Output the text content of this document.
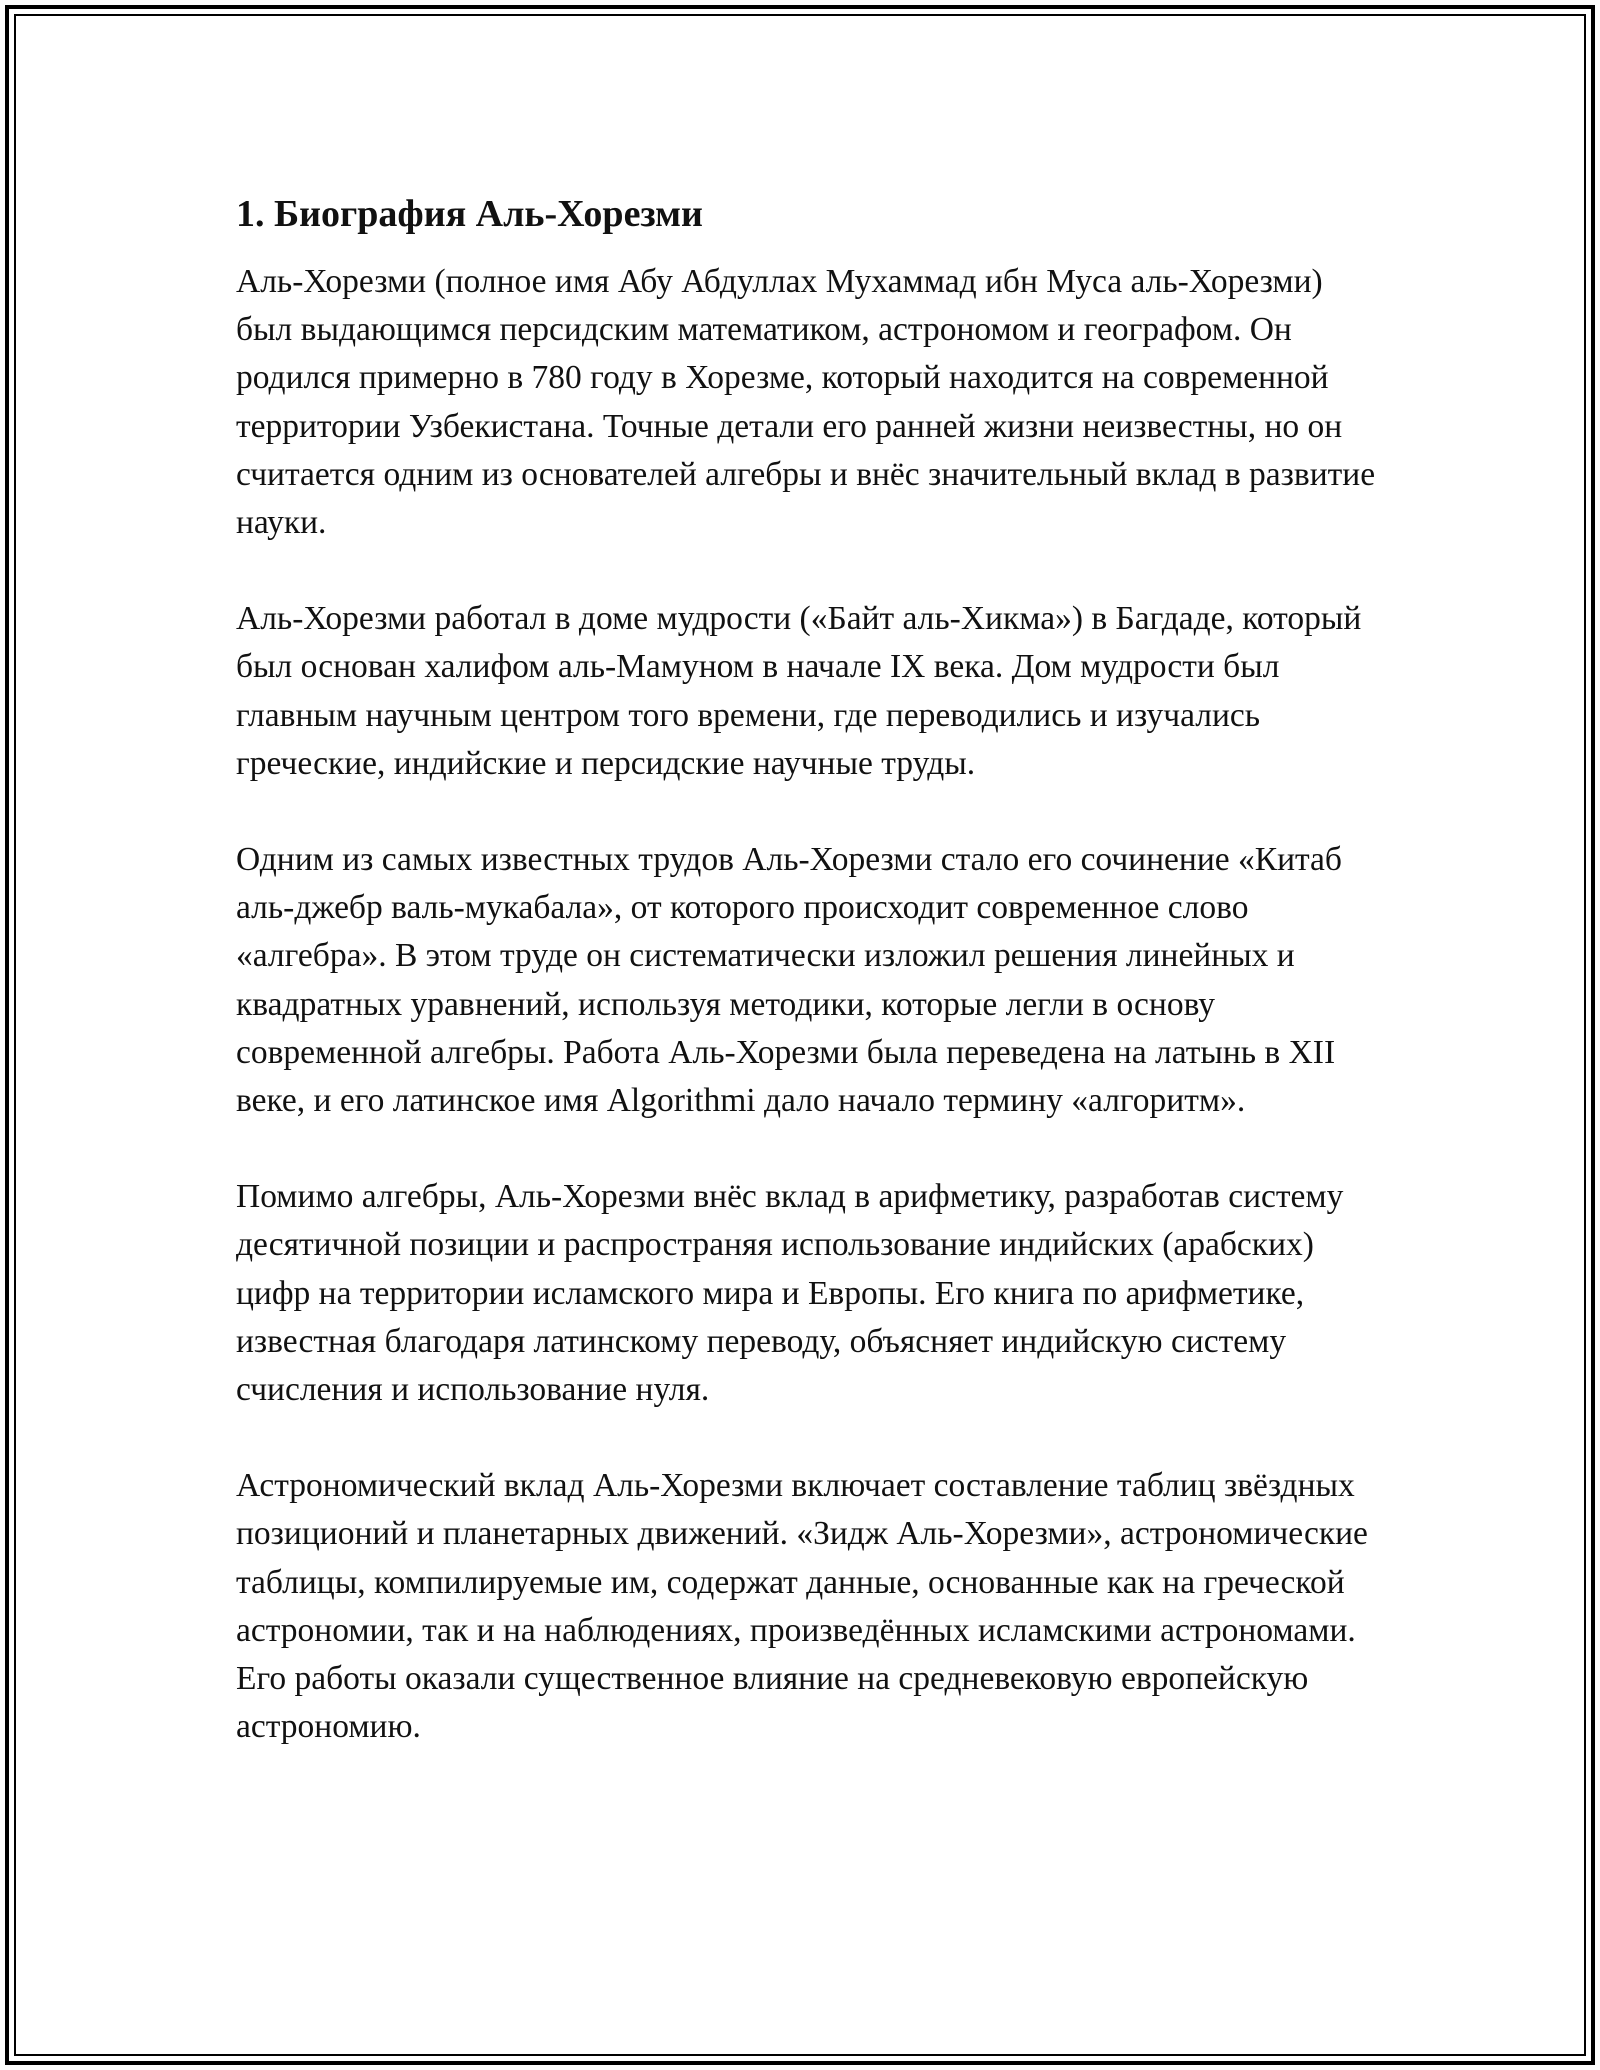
1. Биография Аль-Хорезми

Аль-Хорезми (полное имя Абу Абдуллах Мухаммад ибн Муса аль-Хорезми) был выдающимся персидским математиком, астрономом и географом. Он родился примерно в 780 году в Хорезме, который находится на современной территории Узбекистана. Точные детали его ранней жизни неизвестны, но он считается одним из основателей алгебры и внёс значительный вклад в развитие науки.

Аль-Хорезми работал в доме мудрости («Байт аль-Хикма») в Багдаде, который был основан халифом аль-Мамуном в начале IX века. Дом мудрости был главным научным центром того времени, где переводились и изучались греческие, индийские и персидские научные труды.

Одним из самых известных трудов Аль-Хорезми стало его сочинение «Китаб аль-джебр валь-мукабала», от которого происходит современное слово «алгебра». В этом труде он систематически изложил решения линейных и квадратных уравнений, используя методики, которые легли в основу современной алгебры. Работа Аль-Хорезми была переведена на латынь в XII веке, и его латинское имя Algorithmi дало начало термину «алгоритм».

Помимо алгебры, Аль-Хорезми внёс вклад в арифметику, разработав систему десятичной позиции и распространяя использование индийских (арабских) цифр на территории исламского мира и Европы. Его книга по арифметике, известная благодаря латинскому переводу, объясняет индийскую систему счисления и использование нуля.

Астрономический вклад Аль-Хорезми включает составление таблиц звёздных позиционий и планетарных движений. «Зидж Аль-Хорезми», астрономические таблицы, компилируемые им, содержат данные, основанные как на греческой астрономии, так и на наблюдениях, произведённых исламскими астрономами. Его работы оказали существенное влияние на средневековую европейскую астрономию.
